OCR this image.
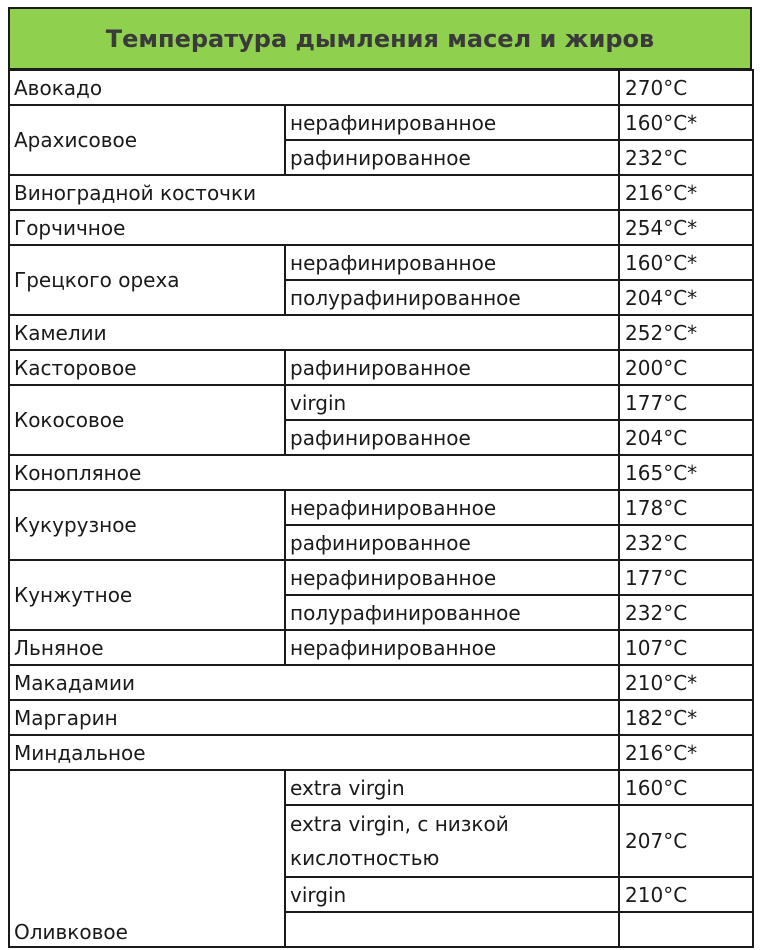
Температура дымления масел и жиров
Авокадо		270°C
Арахисовое	нерафинированное	160°C*
	рафинированное	232°C
Виноградной косточки		216°C*
Горчичное		254°C*
Грецкого ореха	нерафинированное	160°C*
	полурафинированное	204°C*
Камелии		252°C*
Касторовое	рафинированное	200°C
Кокосовое	virgin	177°C
	рафинированное	204°C
Конопляное		165°C*
Кукурузное	нерафинированное	178°C
	рафинированное	232°C
Кунжутное	нерафинированное	177°C
	полурафинированное	232°C
Льняное	нерафинированное	107°C
Макадамии		210°C*
Маргарин		182°C*
Миндальное		216°C*
Оливковое	extra virgin	160°C
	extra virgin, с низкой кислотностью	207°C
	virgin	210°C
